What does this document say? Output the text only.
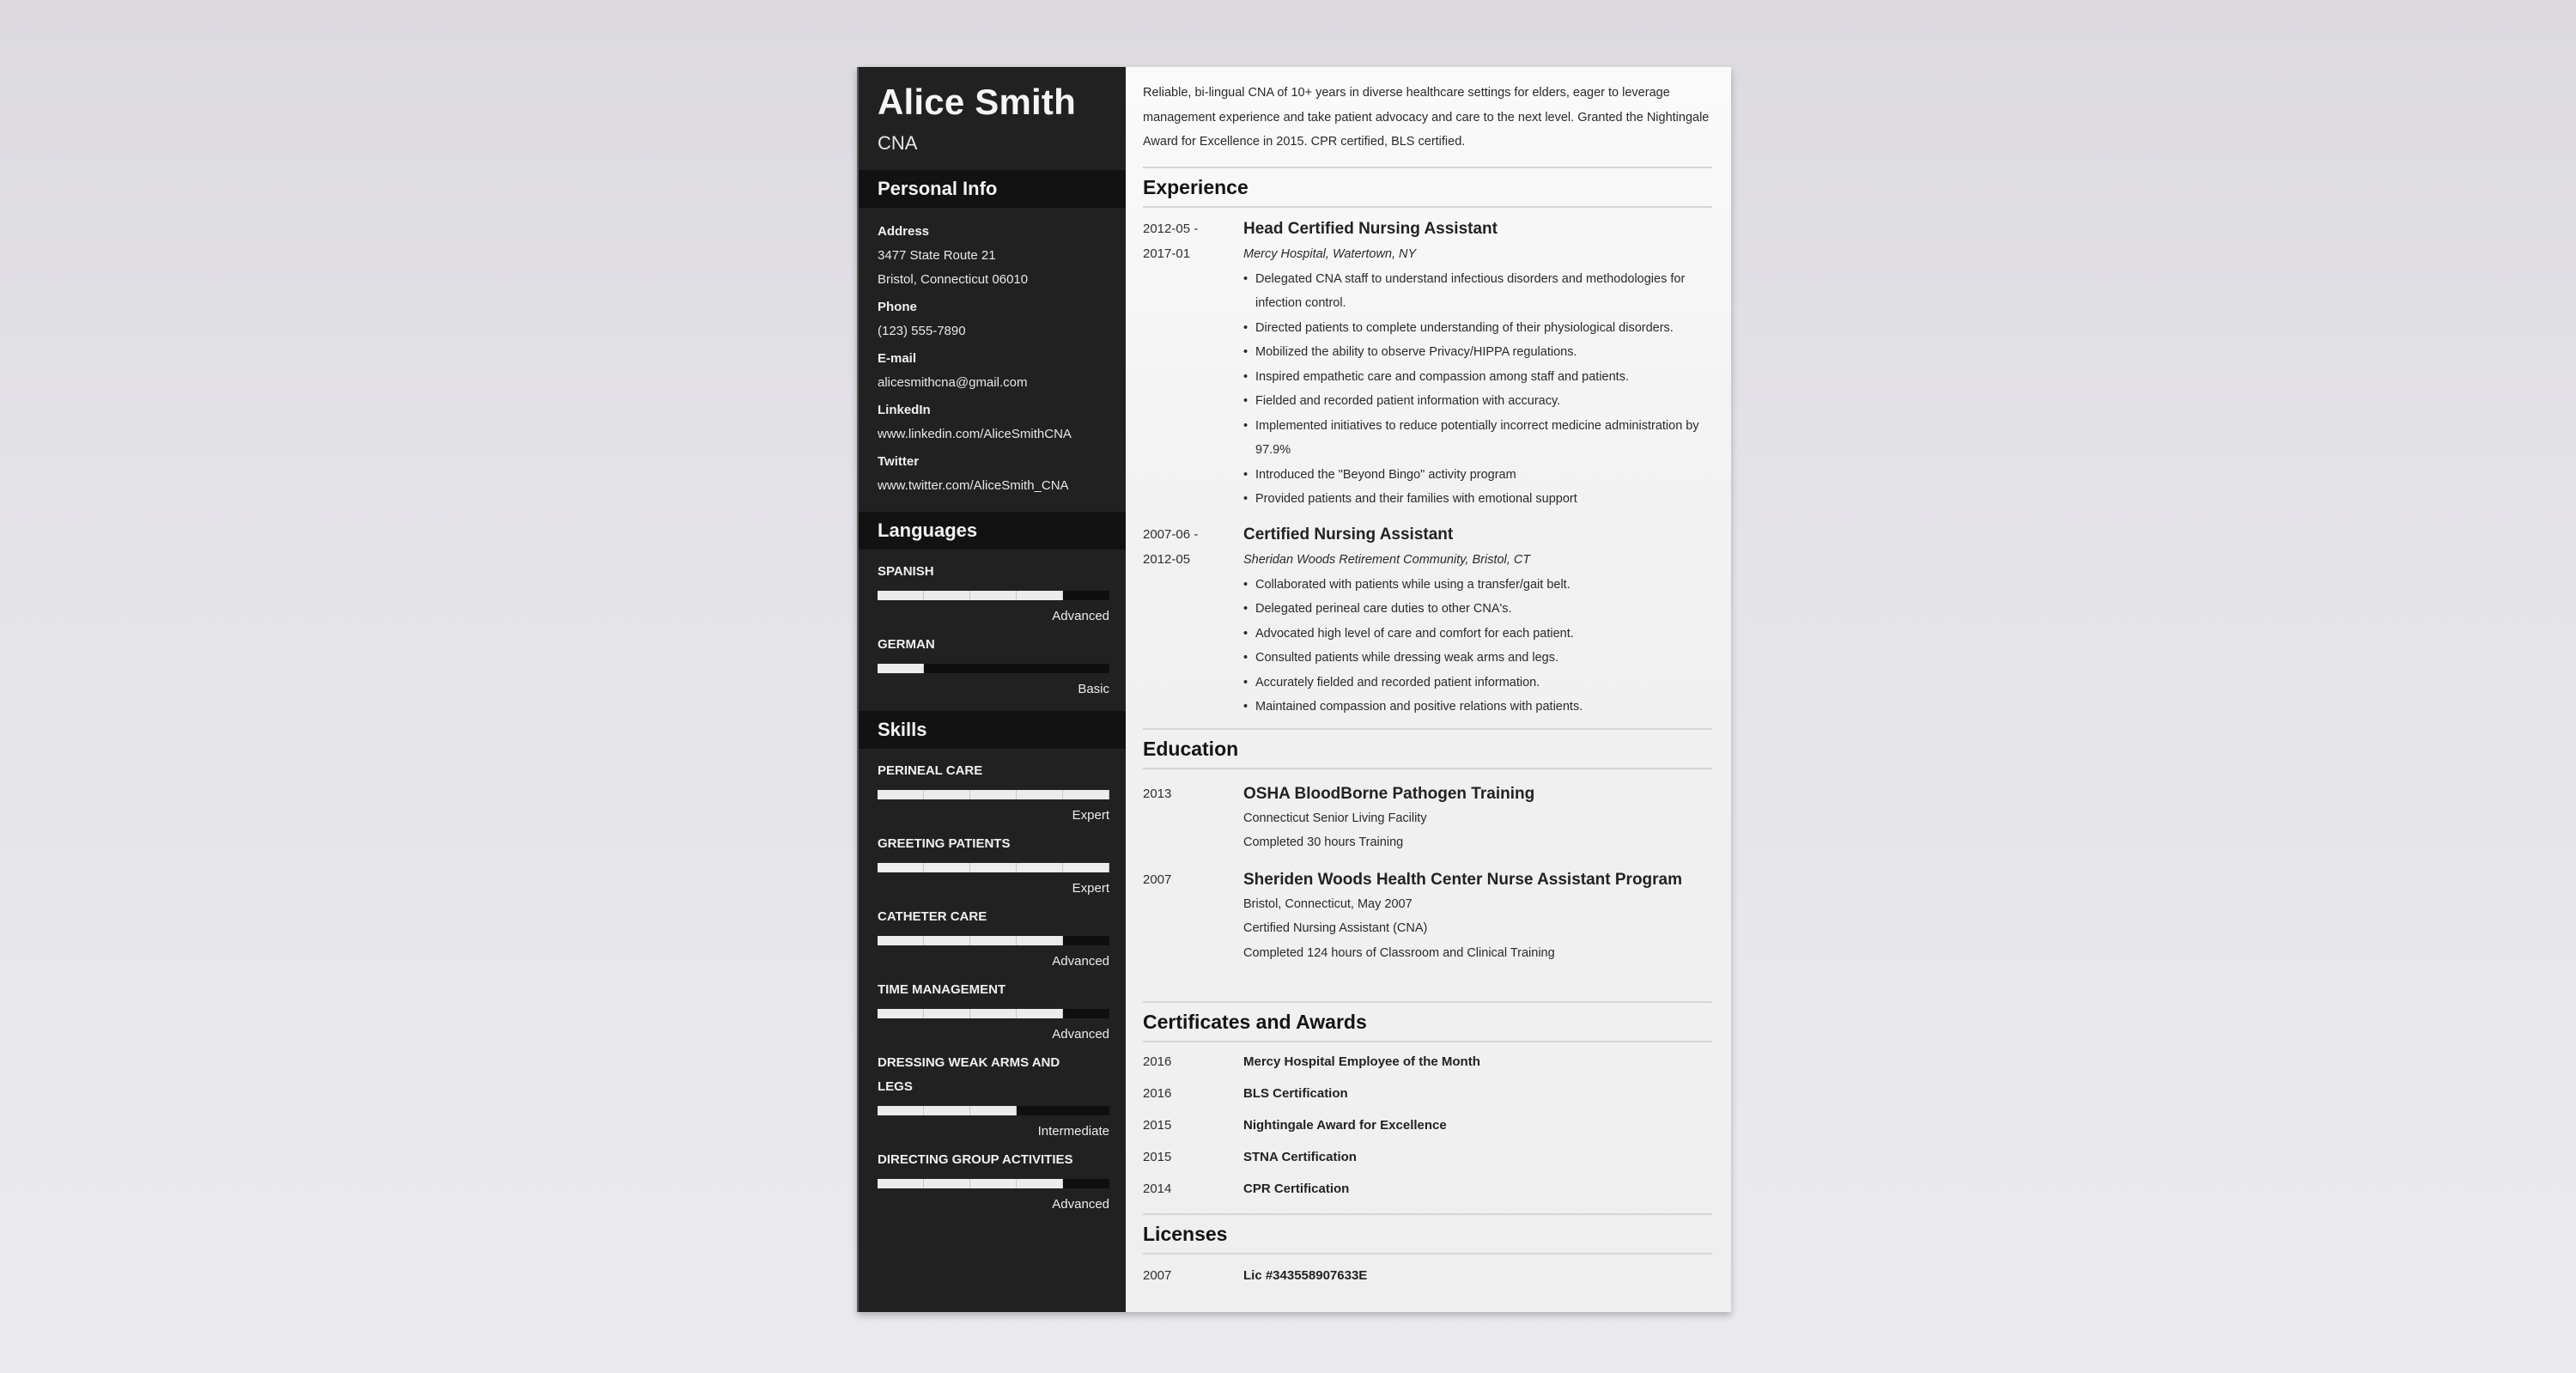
Alice Smith
CNA
Personal Info
Address
3477 State Route 21
Bristol, Connecticut 06010
Phone
(123) 555-7890
E-mail
alicesmithcna@gmail.com
LinkedIn
www.linkedin.com/AliceSmithCNA
Twitter
www.twitter.com/AliceSmith_CNA
Languages
SPANISH
Advanced
GERMAN
Basic
Skills
PERINEAL CARE
Expert
GREETING PATIENTS
Expert
CATHETER CARE
Advanced
TIME MANAGEMENT
Advanced
DRESSING WEAK ARMS AND LEGS
Intermediate
DIRECTING GROUP ACTIVITIES
Advanced

Reliable, bi-lingual CNA of 10+ years in diverse healthcare settings for elders, eager to leverage management experience and take patient advocacy and care to the next level. Granted the Nightingale Award for Excellence in 2015. CPR certified, BLS certified.

Experience
2012-05 -
2017-01
Head Certified Nursing Assistant
Mercy Hospital, Watertown, NY
• Delegated CNA staff to understand infectious disorders and methodologies for infection control.
• Directed patients to complete understanding of their physiological disorders.
• Mobilized the ability to observe Privacy/HIPPA regulations.
• Inspired empathetic care and compassion among staff and patients.
• Fielded and recorded patient information with accuracy.
• Implemented initiatives to reduce potentially incorrect medicine administration by 97.9%
• Introduced the "Beyond Bingo" activity program
• Provided patients and their families with emotional support
2007-06 -
2012-05
Certified Nursing Assistant
Sheridan Woods Retirement Community, Bristol, CT
• Collaborated with patients while using a transfer/gait belt.
• Delegated perineal care duties to other CNA's.
• Advocated high level of care and comfort for each patient.
• Consulted patients while dressing weak arms and legs.
• Accurately fielded and recorded patient information.
• Maintained compassion and positive relations with patients.
Education
2013	OSHA BloodBorne Pathogen Training
Connecticut Senior Living Facility
Completed 30 hours Training
2007	Sheriden Woods Health Center Nurse Assistant Program
Bristol, Connecticut, May 2007
Certified Nursing Assistant (CNA)
Completed 124 hours of Classroom and Clinical Training
Certificates and Awards
2016	Mercy Hospital Employee of the Month
2016	BLS Certification
2015	Nightingale Award for Excellence
2015	STNA Certification
2014	CPR Certification
Licenses
2007	Lic #343558907633E
